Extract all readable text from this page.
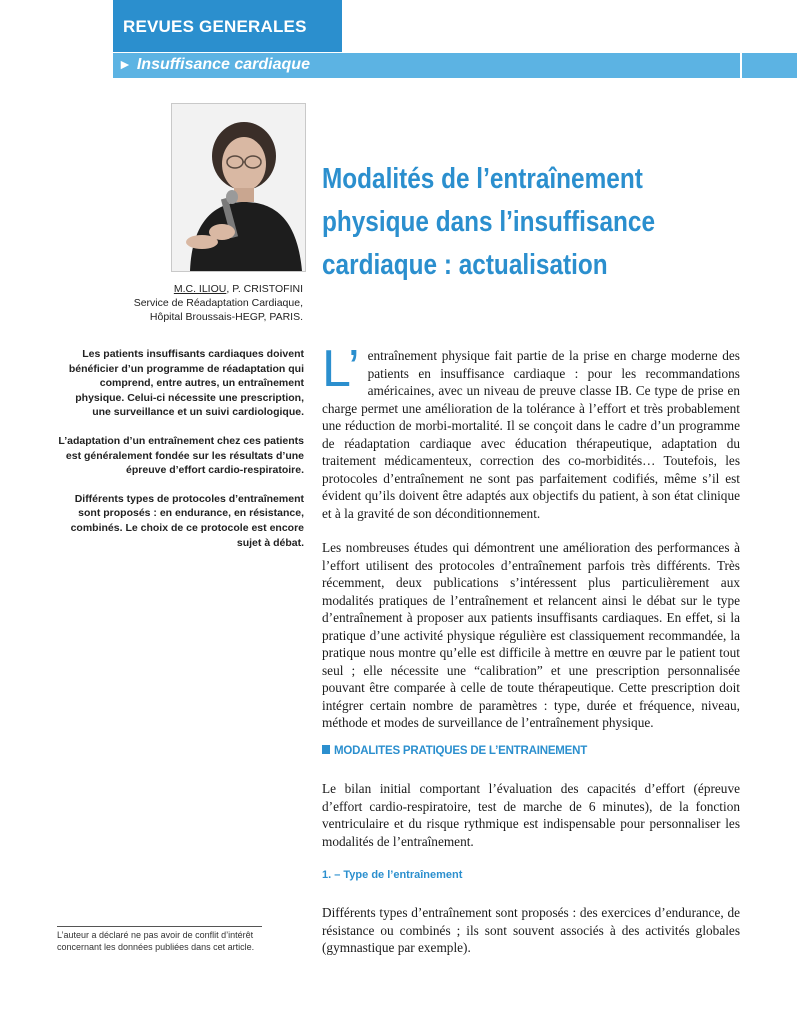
REVUES GENERALES
► Insuffisance cardiaque
M.C. ILIOU, P. CRISTOFINI
Service de Réadaptation Cardiaque,
Hôpital Broussais-HEGP, PARIS.
Modalités de l’entraînement
physique dans l’insuffisance
cardiaque : actualisation

Les patients insuffisants cardiaques doivent bénéficier d’un programme de réadaptation qui comprend, entre autres, un entraînement physique. Celui-ci nécessite une prescription, une surveillance et un suivi cardiologique.

L’adaptation d’un entraînement chez ces patients est généralement fondée sur les résultats d’une épreuve d’effort cardio-respiratoire.

Différents types de protocoles d’entraînement sont proposés : en endurance, en résistance, combinés. Le choix de ce protocole est encore sujet à débat.

L’ entraînement physique fait partie de la prise en charge moderne des patients en insuffisance cardiaque : pour les recommandations américaines, avec un niveau de preuve classe IB. Ce type de prise en charge permet une amélioration de la tolérance à l’effort et très probablement une réduction de morbi-mortalité. Il se conçoit dans le cadre d’un programme de réadaptation cardiaque avec éducation thérapeutique, adaptation du traitement médicamenteux, correction des co-morbidités… Toutefois, les protocoles d’entraînement ne sont pas parfaitement codifiés, même s’il est évident qu’ils doivent être adaptés aux objectifs du patient, à son état clinique et à la gravité de son déconditionnement.

Les nombreuses études qui démontrent une amélioration des performances à l’effort utilisent des protocoles d’entraînement parfois très différents. Très récemment, deux publications s’intéressent plus particulièrement aux modalités pratiques de l’entraînement et relancent ainsi le débat sur le type d’entraînement à proposer aux patients insuffisants cardiaques. En effet, si la pratique d’une activité physique régulière est classiquement recommandée, la pratique nous montre qu’elle est difficile à mettre en œuvre par le patient tout seul ; elle nécessite une “calibration” et une prescription personnalisée pouvant être comparée à celle de toute thérapeutique. Cette prescription doit intégrer certain nombre de paramètres : type, durée et fréquence, niveau, méthode et modes de surveillance de l’entraînement physique.

MODALITES PRATIQUES DE L’ENTRAINEMENT

Le bilan initial comportant l’évaluation des capacités d’effort (épreuve d’effort cardio-respiratoire, test de marche de 6 minutes), de la fonction ventriculaire et du risque rythmique est indispensable pour personnaliser les modalités de l’entraînement.

1. – Type de l’entraînement

Différents types d’entraînement sont proposés : des exercices d’endurance, de résistance ou combinés ; ils sont souvent associés à des activités globales (gymnastique par exemple).

L’auteur a déclaré ne pas avoir de conflit d’intérêt concernant les données publiées dans cet article.
